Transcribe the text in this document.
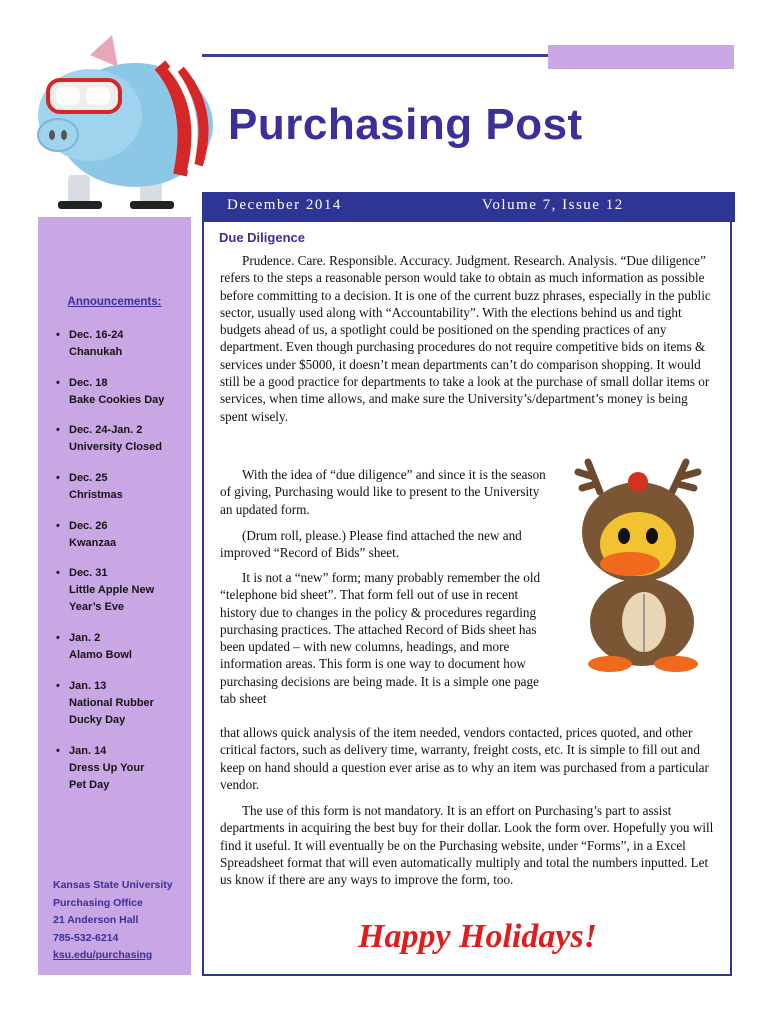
Purchasing Post
December 2014	Volume 7, Issue 12
Announcements:
• Dec. 16-24
Chanukah
• Dec. 18
Bake Cookies Day
• Dec. 24-Jan. 2
University Closed
• Dec. 25
Christmas
• Dec. 26
Kwanzaa
• Dec. 31
Little Apple New
Year’s Eve
• Jan. 2
Alamo Bowl
• Jan. 13
National Rubber
Ducky Day
• Jan. 14
Dress Up Your
Pet Day
Kansas State University
Purchasing Office
21 Anderson Hall
785-532-6214
ksu.edu/purchasing
Due Diligence

Prudence. Care. Responsible. Accuracy. Judgment. Research. Analysis. “Due diligence” refers to the steps a reasonable person would take to obtain as much information as possible before committing to a decision. It is one of the current buzz phrases, especially in the public sector, usually used along with “Accountability”. With the elections behind us and tight budgets ahead of us, a spotlight could be positioned on the spending practices of any department. Even though purchasing procedures do not require competitive bids on items & services under $5000, it doesn’t mean departments can’t do comparison shopping. It would still be a good practice for departments to take a look at the purchase of small dollar items or services, when time allows, and make sure the University’s/department’s money is being spent wisely.

With the idea of “due diligence” and since it is the season of giving, Purchasing would like to present to the University an updated form.

(Drum roll, please.) Please find attached the new and improved “Record of Bids” sheet.

It is not a “new” form; many probably remember the old “telephone bid sheet”. That form fell out of use in recent history due to changes in the policy & procedures regarding purchasing practices. The attached Record of Bids sheet has been updated – with new columns, headings, and more information areas. This form is one way to document how purchasing decisions are being made. It is a simple one page tab sheet

that allows quick analysis of the item needed, vendors contacted, prices quoted, and other critical factors, such as delivery time, warranty, freight costs, etc. It is simple to fill out and keep on hand should a question ever arise as to why an item was purchased from a particular vendor.

The use of this form is not mandatory. It is an effort on Purchasing’s part to assist departments in acquiring the best buy for their dollar. Look the form over. Hopefully you will find it useful. It will eventually be on the Purchasing website, under “Forms”, in a Excel Spreadsheet format that will even automatically multiply and total the numbers inputted. Let us know if there are any ways to improve the form, too.

Happy Holidays!
